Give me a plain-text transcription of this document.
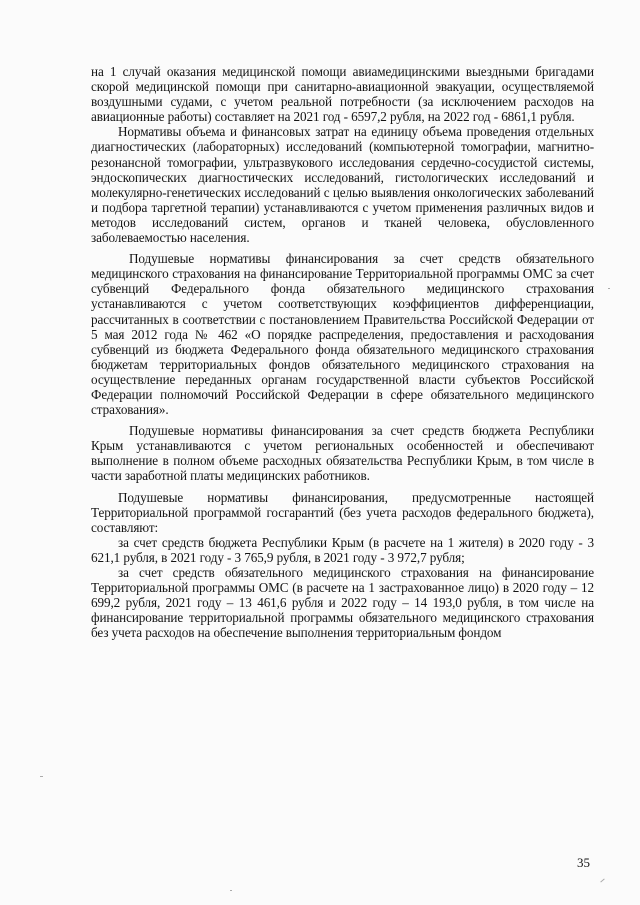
на 1 случай оказания медицинской помощи авиамедицинскими выездными бригадами скорой медицинской помощи при санитарно-авиационной эвакуации, осуществляемой воздушными судами, с учетом реальной потребности (за исключением расходов на авиационные работы) составляет на 2021 год - 6597,2 рубля, на 2022 год - 6861,1 рубля.

Нормативы объема и финансовых затрат на единицу объема проведения отдельных диагностических (лабораторных) исследований (компьютерной томографии, магнитно-резонансной томографии, ультразвукового исследования сердечно-сосудистой системы, эндоскопических диагностических исследований, гистологических исследований и молекулярно-генетических исследований с целью выявления онкологических заболеваний и подбора таргетной терапии) устанавливаются с учетом применения различных видов и методов исследований систем, органов и тканей человека, обусловленного заболеваемостью населения.

Подушевые нормативы финансирования за счет средств обязательного медицинского страхования на финансирование Территориальной программы ОМС за счет субвенций Федерального фонда обязательного медицинского страхования устанавливаются с учетом соответствующих коэффициентов дифференциации, рассчитанных в соответствии с постановлением Правительства Российской Федерации от 5 мая 2012 года № 462 «О порядке распределения, предоставления и расходования субвенций из бюджета Федерального фонда обязательного медицинского страхования бюджетам территориальных фондов обязательного медицинского страхования на осуществление переданных органам государственной власти субъектов Российской Федерации полномочий Российской Федерации в сфере обязательного медицинского страхования».

Подушевые нормативы финансирования за счет средств бюджета Республики Крым устанавливаются с учетом региональных особенностей и обеспечивают выполнение в полном объеме расходных обязательства Республики Крым, в том числе в части заработной платы медицинских работников.

Подушевые нормативы финансирования, предусмотренные настоящей Территориальной программой госгарантий (без учета расходов федерального бюджета), составляют:

за счет средств бюджета Республики Крым (в расчете на 1 жителя) в 2020 году - 3 621,1 рубля, в 2021 году - 3 765,9 рубля, в 2021 году - 3 972,7 рубля;

за счет средств обязательного медицинского страхования на финансирование Территориальной программы ОМС (в расчете на 1 застрахованное лицо) в 2020 году – 12 699,2 рубля, 2021 году – 13 461,6 рубля и 2022 году – 14 193,0 рубля, в том числе на финансирование территориальной программы обязательного медицинского страхования без учета расходов на обеспечение выполнения территориальным фондом

35
